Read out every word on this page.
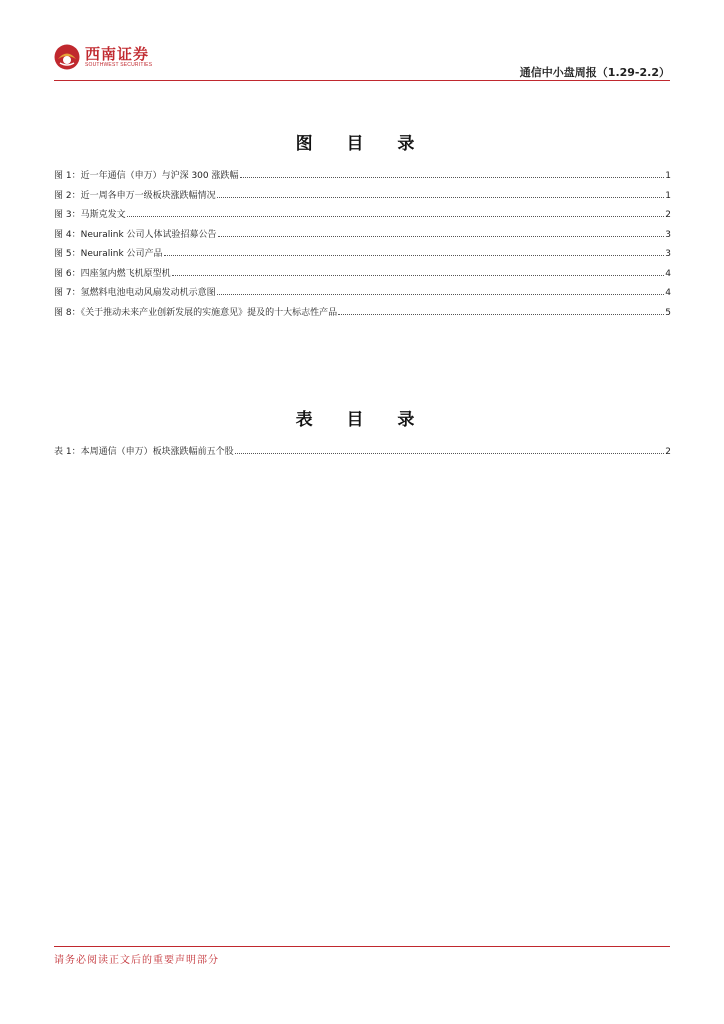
西南证券
SOUTHWEST SECURITIES
通信中小盘周报（1.29-2.2）
图 目 录
图 1：近一年通信（申万）与沪深 300 涨跌幅	1
图 2：近一周各申万一级板块涨跌幅情况	1
图 3：马斯克发文	2
图 4：Neuralink 公司人体试验招募公告	3
图 5：Neuralink 公司产品	3
图 6：四座氢内燃飞机原型机	4
图 7：氢燃料电池电动风扇发动机示意图	4
图 8：《关于推动未来产业创新发展的实施意见》提及的十大标志性产品	5
表 目 录
表 1：本周通信（申万）板块涨跌幅前五个股	2
请务必阅读正文后的重要声明部分
